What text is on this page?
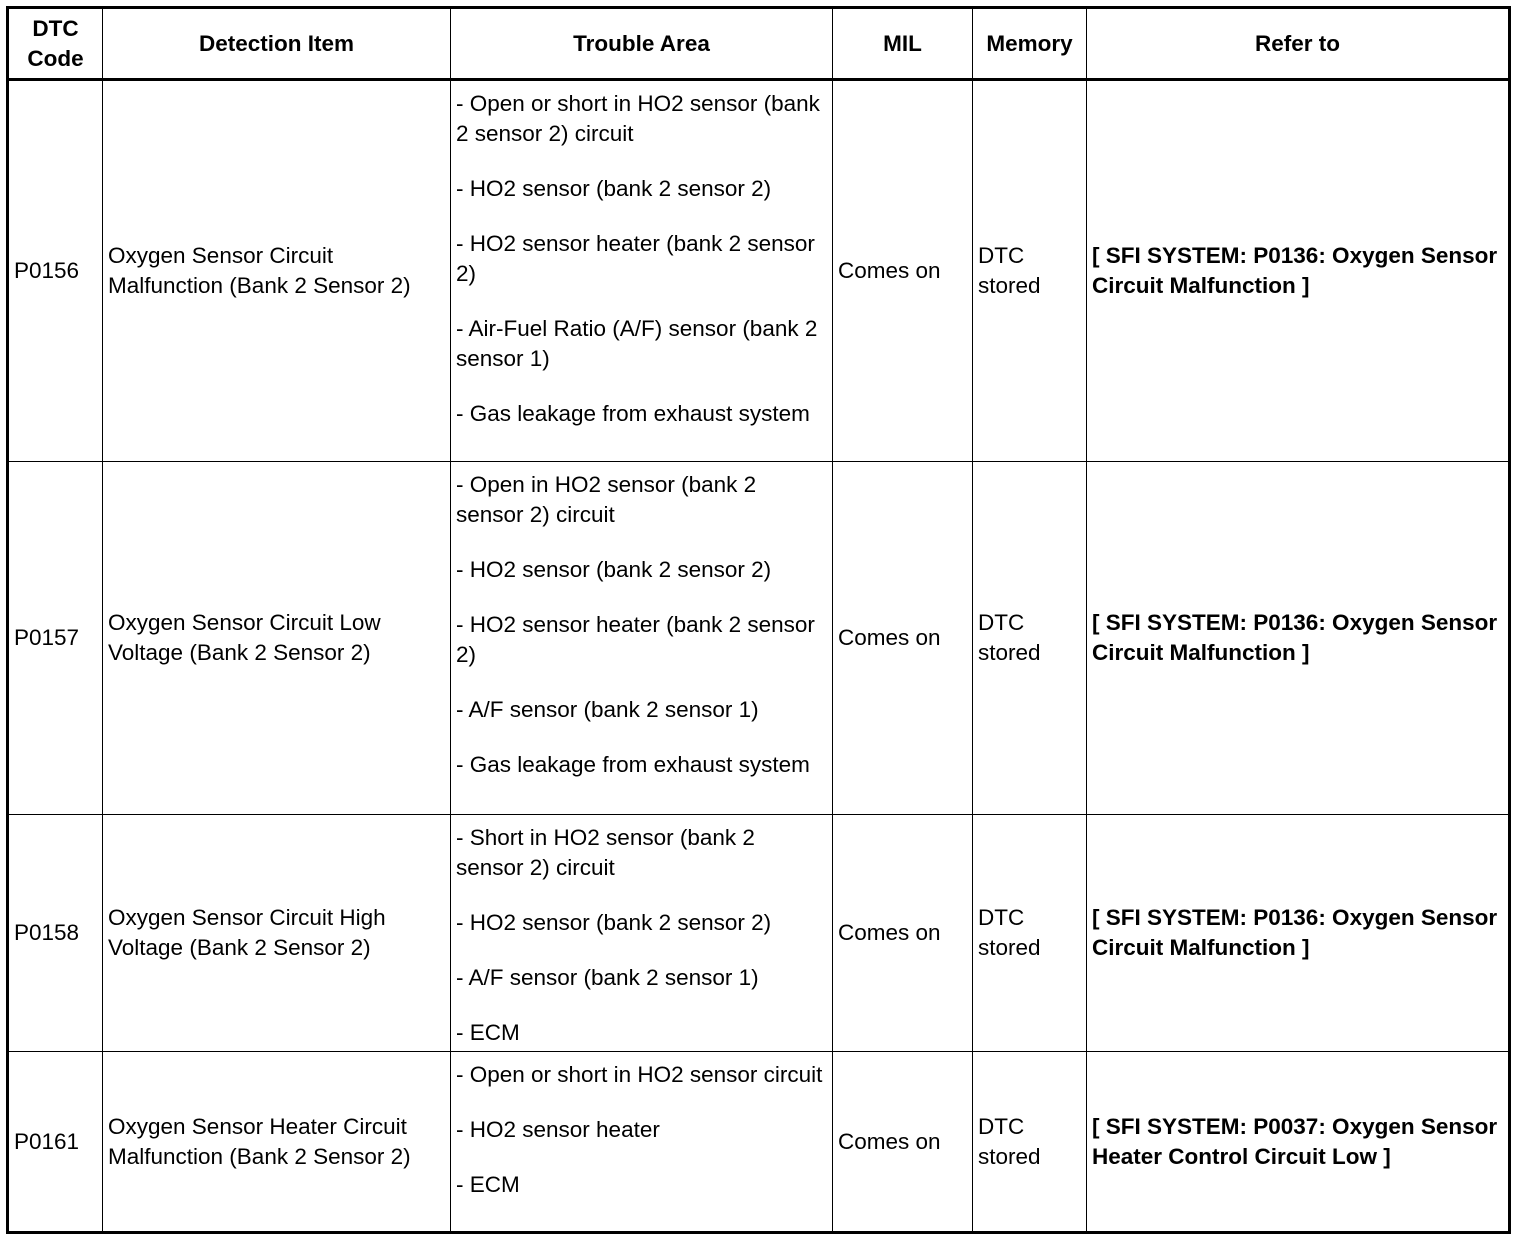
DTC Code	Detection Item	Trouble Area	MIL	Memory	Refer to
P0156	Oxygen Sensor Circuit Malfunction (Bank 2 Sensor 2)	- Open or short in HO2 sensor (bank 2 sensor 2) circuit
- HO2 sensor (bank 2 sensor 2)
- HO2 sensor heater (bank 2 sensor 2)
- Air-Fuel Ratio (A/F) sensor (bank 2 sensor 1)
- Gas leakage from exhaust system	Comes on	DTC stored	[ SFI SYSTEM: P0136: Oxygen Sensor Circuit Malfunction ]
P0157	Oxygen Sensor Circuit Low Voltage (Bank 2 Sensor 2)	- Open in HO2 sensor (bank 2 sensor 2) circuit
- HO2 sensor (bank 2 sensor 2)
- HO2 sensor heater (bank 2 sensor 2)
- A/F sensor (bank 2 sensor 1)
- Gas leakage from exhaust system	Comes on	DTC stored	[ SFI SYSTEM: P0136: Oxygen Sensor Circuit Malfunction ]
P0158	Oxygen Sensor Circuit High Voltage (Bank 2 Sensor 2)	- Short in HO2 sensor (bank 2 sensor 2) circuit
- HO2 sensor (bank 2 sensor 2)
- A/F sensor (bank 2 sensor 1)
- ECM	Comes on	DTC stored	[ SFI SYSTEM: P0136: Oxygen Sensor Circuit Malfunction ]
P0161	Oxygen Sensor Heater Circuit Malfunction (Bank 2 Sensor 2)	- Open or short in HO2 sensor circuit
- HO2 sensor heater
- ECM	Comes on	DTC stored	[ SFI SYSTEM: P0037: Oxygen Sensor Heater Control Circuit Low ]
